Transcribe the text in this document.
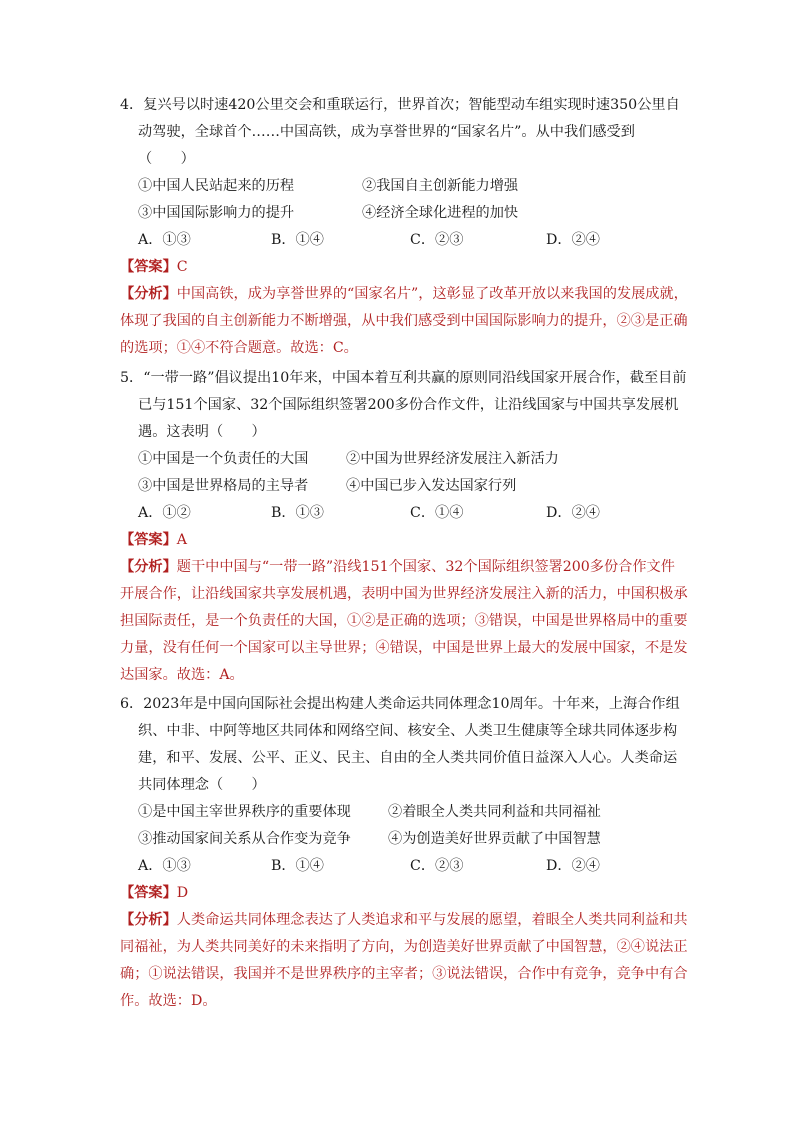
4．复兴号以时速420公里交会和重联运行，世界首次；智能型动车组实现时速350公里自
动驾驶，全球首个……中国高铁，成为享誉世界的“国家名片”。从中我们感受到
（　　）
①中国人民站起来的历程	②我国自主创新能力增强
③中国国际影响力的提升	④经济全球化进程的加快
A．①③	B．①④	C．②③	D．②④
【答案】C
【分析】中国高铁，成为享誉世界的“国家名片”，这彰显了改革开放以来我国的发展成就，
体现了我国的自主创新能力不断增强，从中我们感受到中国国际影响力的提升，②③是正确
的选项；①④不符合题意。故选：C。
5．“一带一路”倡议提出10年来，中国本着互利共赢的原则同沿线国家开展合作，截至目前
已与151个国家、32个国际组织签署200多份合作文件，让沿线国家与中国共享发展机
遇。这表明（　　）
①中国是一个负责任的大国	②中国为世界经济发展注入新活力
③中国是世界格局的主导者	④中国已步入发达国家行列
A．①②	B．①③	C．①④	D．②④
【答案】A
【分析】题干中中国与“一带一路”沿线151个国家、32个国际组织签署200多份合作文件
开展合作，让沿线国家共享发展机遇，表明中国为世界经济发展注入新的活力，中国积极承
担国际责任，是一个负责任的大国，①②是正确的选项；③错误，中国是世界格局中的重要
力量，没有任何一个国家可以主导世界；④错误，中国是世界上最大的发展中国家，不是发
达国家。故选：A。
6．2023年是中国向国际社会提出构建人类命运共同体理念10周年。十年来，上海合作组
织、中非、中阿等地区共同体和网络空间、核安全、人类卫生健康等全球共同体逐步构
建，和平、发展、公平、正义、民主、自由的全人类共同价值日益深入人心。人类命运
共同体理念（　　）
①是中国主宰世界秩序的重要体现	②着眼全人类共同利益和共同福祉
③推动国家间关系从合作变为竞争	④为创造美好世界贡献了中国智慧
A．①③	B．①④	C．②③	D．②④
【答案】D
【分析】人类命运共同体理念表达了人类追求和平与发展的愿望，着眼全人类共同利益和共
同福祉，为人类共同美好的未来指明了方向，为创造美好世界贡献了中国智慧，②④说法正
确；①说法错误，我国并不是世界秩序的主宰者；③说法错误，合作中有竞争，竞争中有合
作。故选：D。
